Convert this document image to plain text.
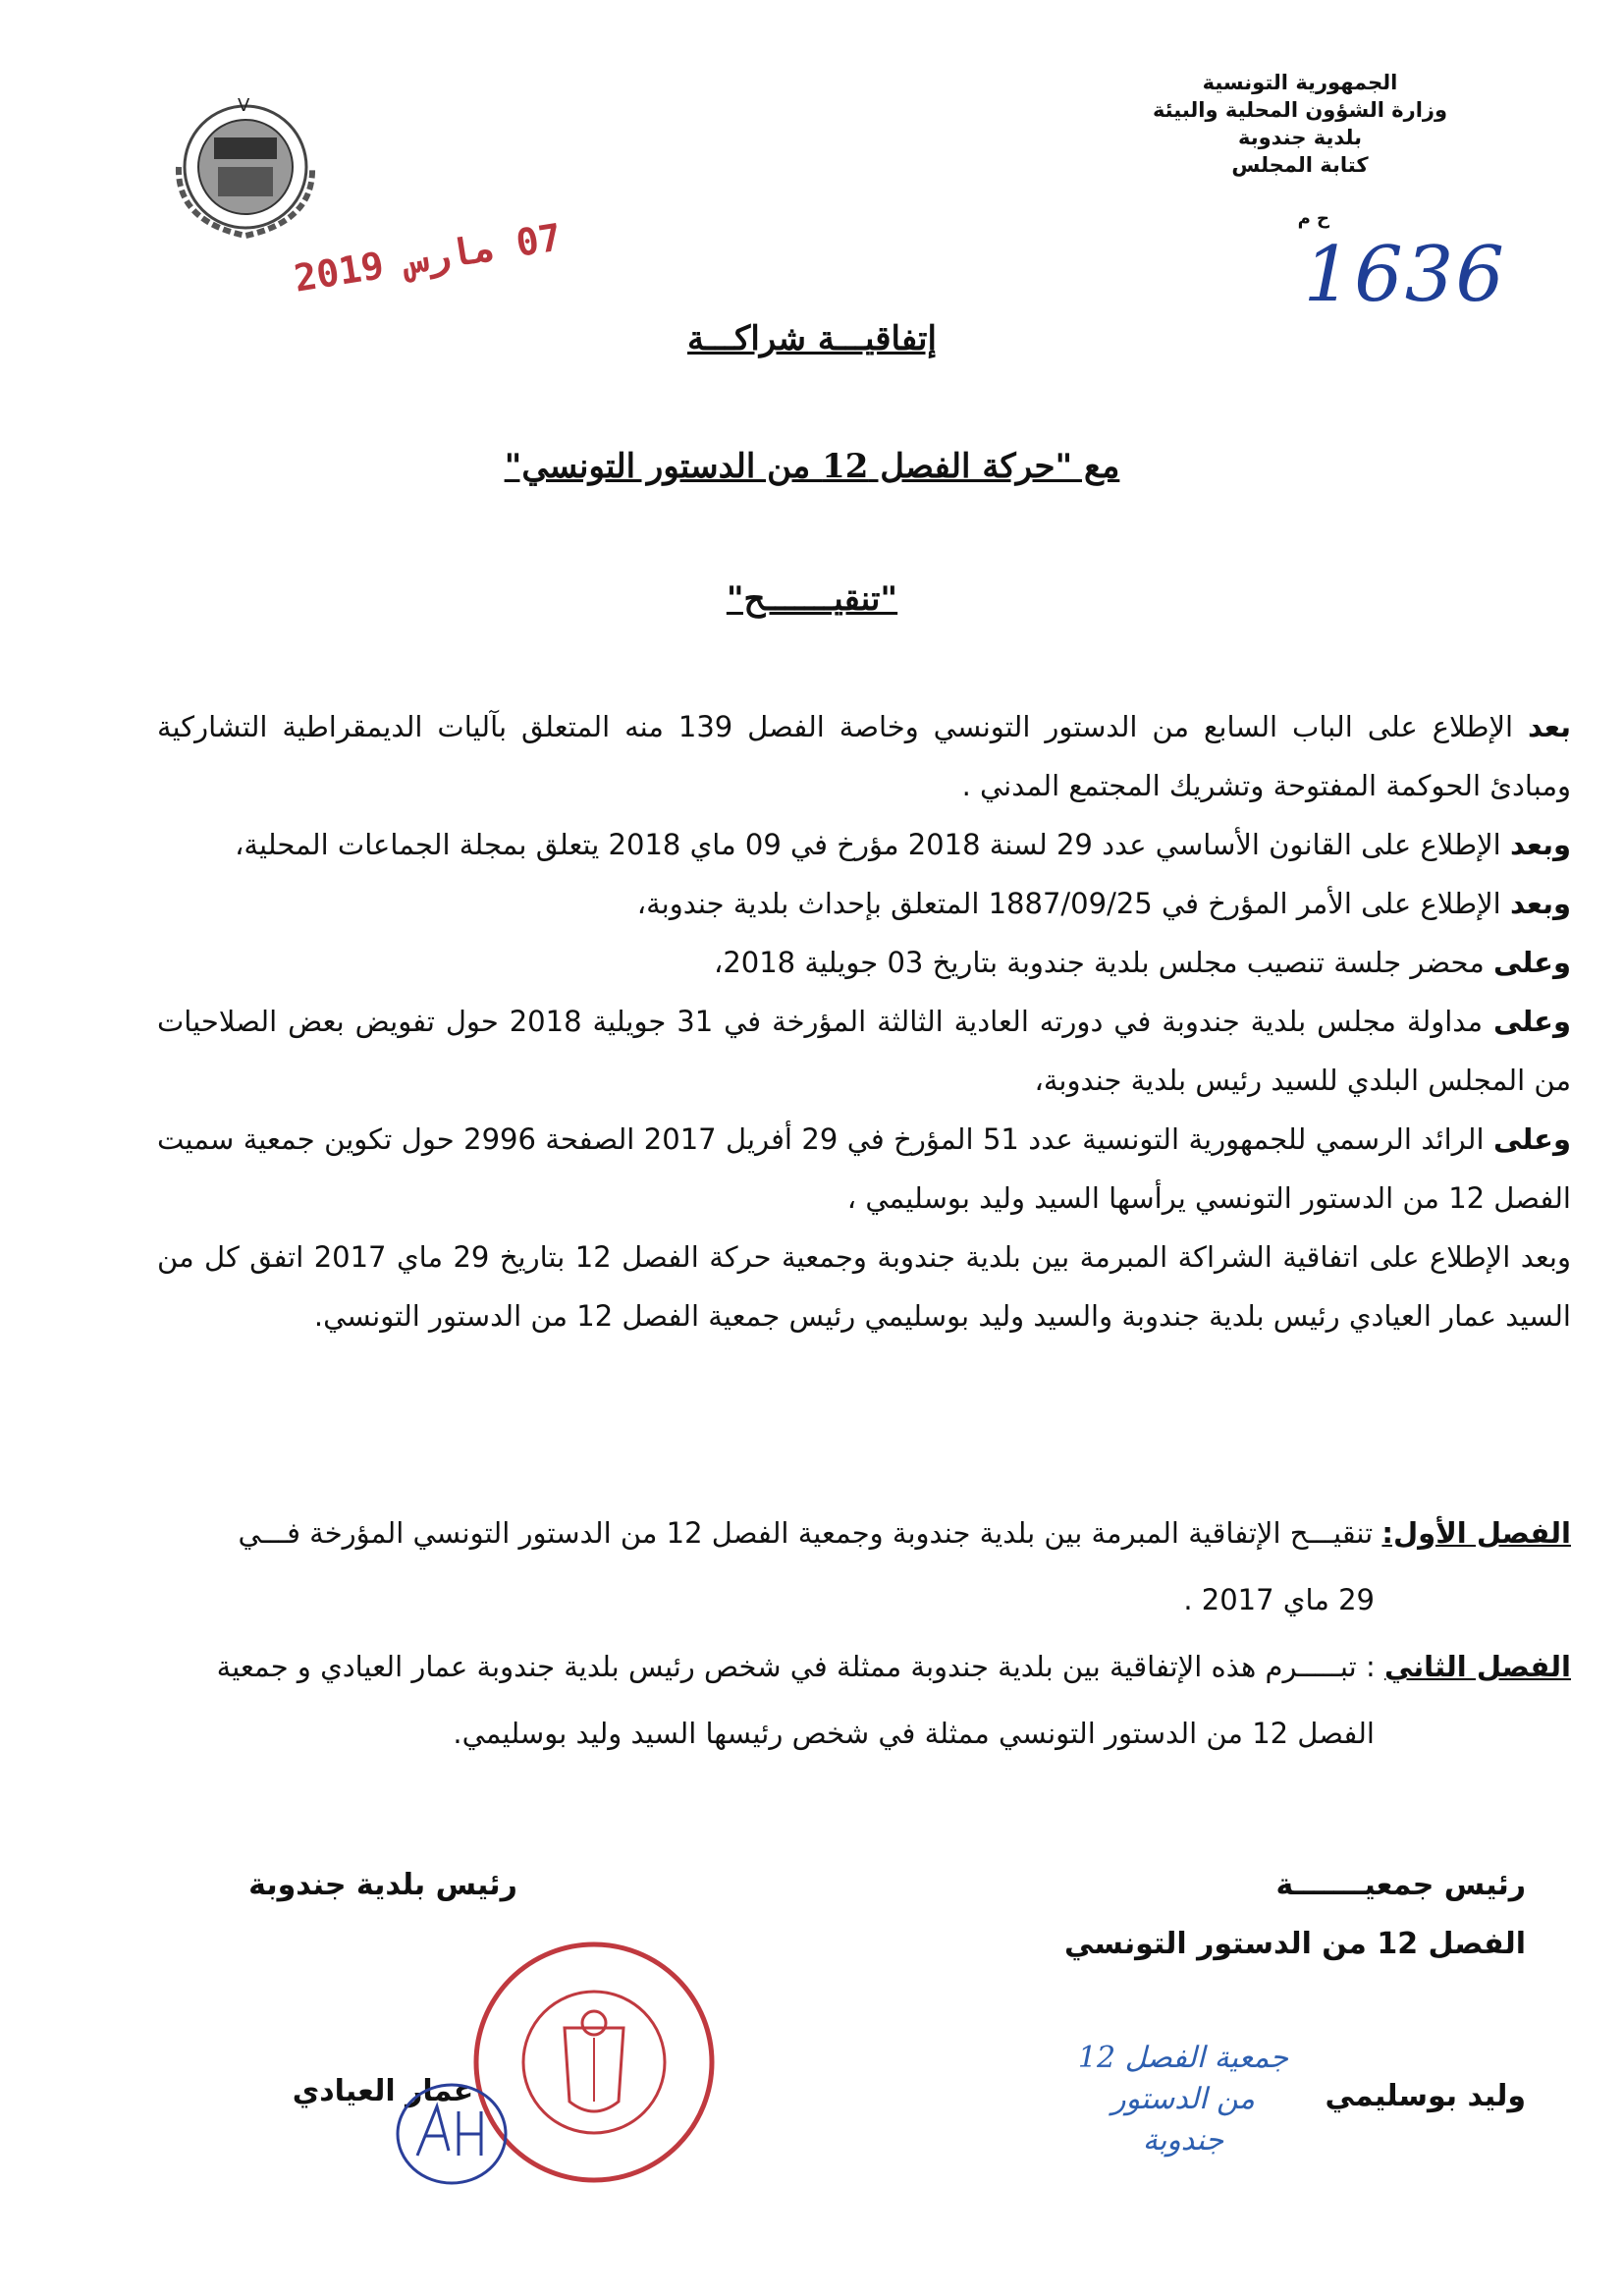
V
الجمهورية التونسية
وزارة الشؤون المحلية والبيئة
بلدية جندوبة
كتابة المجلس
ح م
1636
07 مارس 2019
إتفاقيـــة شراكـــة
مع "حركة الفصل 12 من الدستور التونسي"
"تنقيـــــــح"

بعد الإطلاع على الباب السابع من الدستور التونسي وخاصة الفصل 139 منه المتعلق بآليات الديمقراطية التشاركية ومبادئ الحوكمة المفتوحة وتشريك المجتمع المدني .

وبعد الإطلاع على القانون الأساسي عدد 29 لسنة 2018 مؤرخ في 09 ماي 2018 يتعلق بمجلة الجماعات المحلية،

وبعد الإطلاع على الأمر المؤرخ في 1887/09/25 المتعلق بإحداث بلدية جندوبة،

وعلى محضر جلسة تنصيب مجلس بلدية جندوبة بتاريخ 03 جويلية 2018،

وعلى مداولة مجلس بلدية جندوبة في دورته العادية الثالثة المؤرخة في 31 جويلية 2018 حول تفويض بعض الصلاحيات من المجلس البلدي للسيد رئيس بلدية جندوبة،

وعلى الرائد الرسمي للجمهورية التونسية عدد 51 المؤرخ في 29 أفريل 2017 الصفحة 2996 حول تكوين جمعية سميت الفصل 12 من الدستور التونسي يرأسها السيد وليد بوسليمي ،

وبعد الإطلاع على اتفاقية الشراكة المبرمة بين بلدية جندوبة وجمعية حركة الفصل 12 بتاريخ 29 ماي 2017 اتفق كل من السيد عمار العيادي رئيس بلدية جندوبة والسيد وليد بوسليمي رئيس جمعية الفصل 12 من الدستور التونسي.

الفصل الأول: تنقيـــح الإتفاقية المبرمة بين بلدية جندوبة وجمعية الفصل 12 من الدستور التونسي المؤرخة فـــي

29 ماي 2017 .

الفصل الثاني : تبـــــرم هذه الإتفاقية بين بلدية جندوبة ممثلة في شخص رئيس بلدية جندوبة عمار العيادي و جمعية

الفصل 12 من الدستور التونسي ممثلة في شخص رئيسها السيد وليد بوسليمي.

رئيس جمعيـــــــة
الفصل 12 من الدستور التونسي
وليد بوسليمي
رئيس بلدية جندوبة
عمار العيادي
جمعية الفصل 12
من الدستور
جندوبة
